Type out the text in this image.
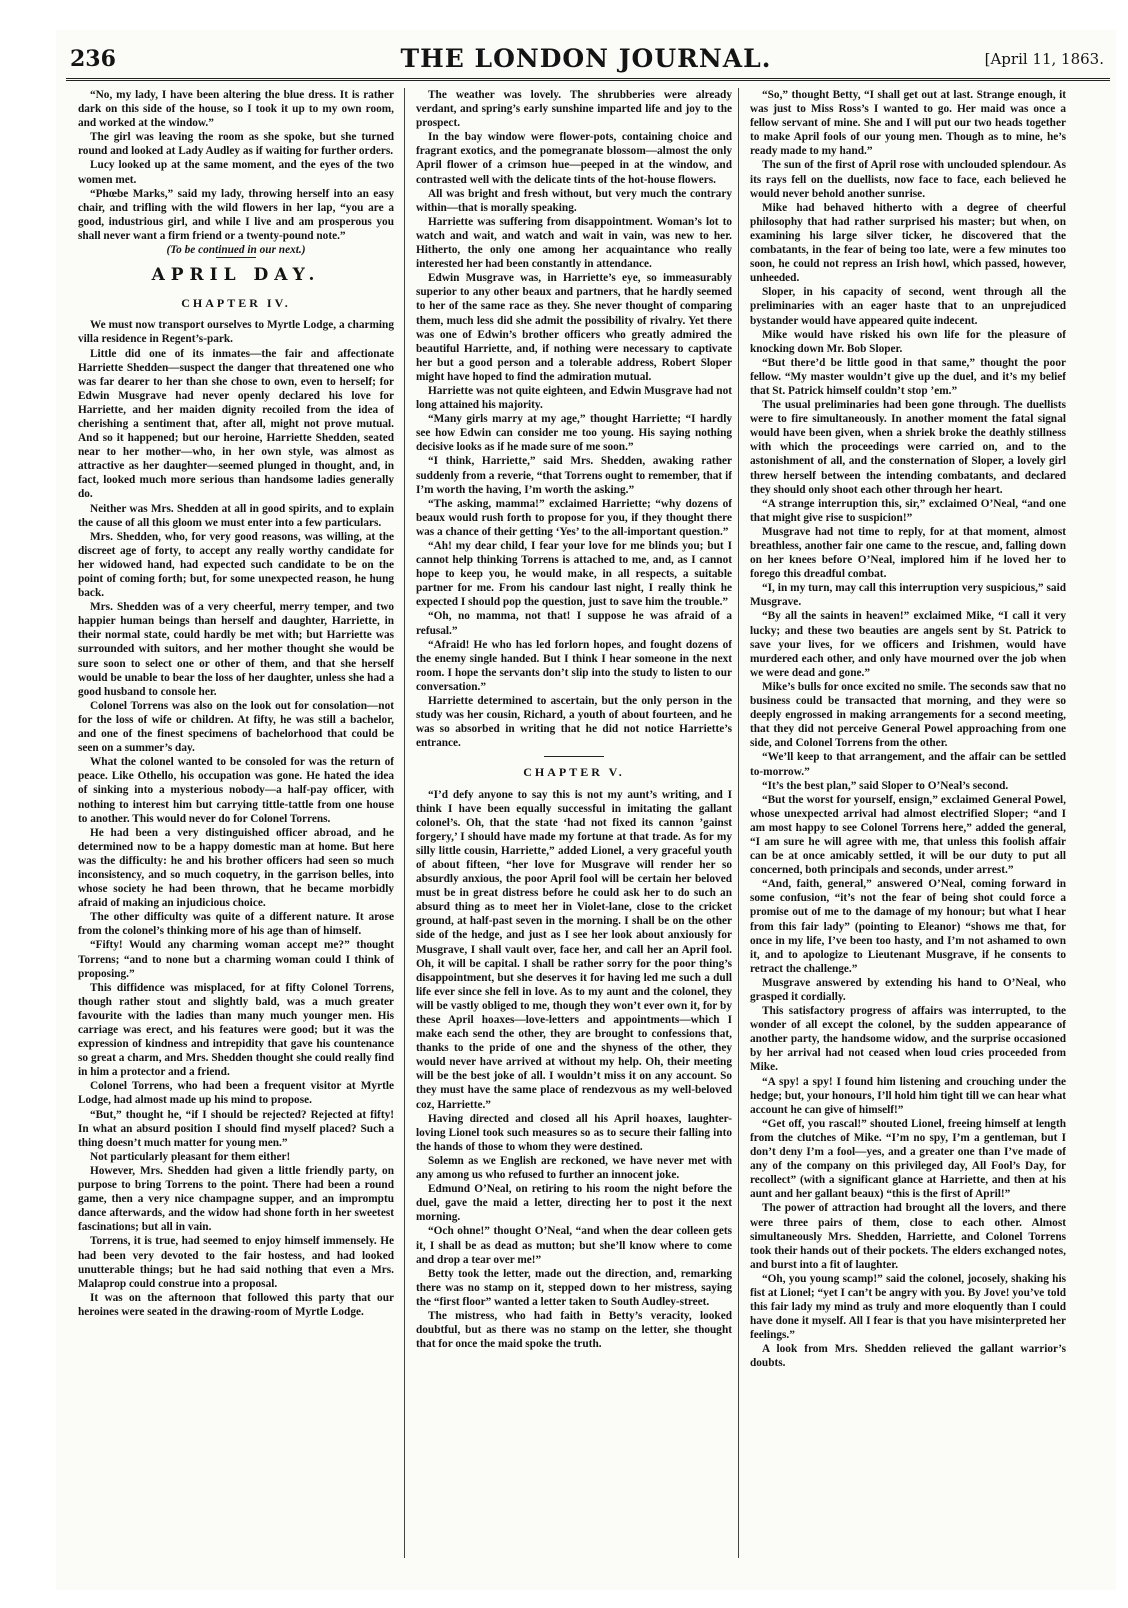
236	THE LONDON JOURNAL.	[April 11, 1863.

“No, my lady, I have been altering the blue dress. It is rather dark on this side of the house, so I took it up to my own room, and worked at the window.”

The girl was leaving the room as she spoke, but she turned round and looked at Lady Audley as if waiting for further orders.

Lucy looked up at the same moment, and the eyes of the two women met.

“Phœbe Marks,” said my lady, throwing herself into an easy chair, and trifling with the wild flowers in her lap, “you are a good, industrious girl, and while I live and am prosperous you shall never want a firm friend or a twenty-pound note.”

(To be continued in our next.)

APRIL DAY.
CHAPTER IV.

We must now transport ourselves to Myrtle Lodge, a charming villa residence in Regent’s-park.

Little did one of its inmates—the fair and affectionate Harriette Shedden—suspect the danger that threatened one who was far dearer to her than she chose to own, even to herself; for Edwin Musgrave had never openly declared his love for Harriette, and her maiden dignity recoiled from the idea of cherishing a sentiment that, after all, might not prove mutual. And so it happened; but our heroine, Harriette Shedden, seated near to her mother—who, in her own style, was almost as attractive as her daughter—seemed plunged in thought, and, in fact, looked much more serious than handsome ladies generally do.

Neither was Mrs. Shedden at all in good spirits, and to explain the cause of all this gloom we must enter into a few particulars.

Mrs. Shedden, who, for very good reasons, was willing, at the discreet age of forty, to accept any really worthy candidate for her widowed hand, had expected such candidate to be on the point of coming forth; but, for some unexpected reason, he hung back.

Mrs. Shedden was of a very cheerful, merry temper, and two happier human beings than herself and daughter, Harriette, in their normal state, could hardly be met with; but Harriette was surrounded with suitors, and her mother thought she would be sure soon to select one or other of them, and that she herself would be unable to bear the loss of her daughter, unless she had a good husband to console her.

Colonel Torrens was also on the look out for consolation—not for the loss of wife or children. At fifty, he was still a bachelor, and one of the finest specimens of bachelorhood that could be seen on a summer’s day.

What the colonel wanted to be consoled for was the return of peace. Like Othello, his occupation was gone. He hated the idea of sinking into a mysterious nobody—a half-pay officer, with nothing to interest him but carrying tittle-tattle from one house to another. This would never do for Colonel Torrens.

He had been a very distinguished officer abroad, and he determined now to be a happy domestic man at home. But here was the difficulty: he and his brother officers had seen so much inconsistency, and so much coquetry, in the garrison belles, into whose society he had been thrown, that he became morbidly afraid of making an injudicious choice.

The other difficulty was quite of a different nature. It arose from the colonel’s thinking more of his age than of himself.

“Fifty! Would any charming woman accept me?” thought Torrens; “and to none but a charming woman could I think of proposing.”

This diffidence was misplaced, for at fifty Colonel Torrens, though rather stout and slightly bald, was a much greater favourite with the ladies than many much younger men. His carriage was erect, and his features were good; but it was the expression of kindness and intrepidity that gave his countenance so great a charm, and Mrs. Shedden thought she could really find in him a protector and a friend.

Colonel Torrens, who had been a frequent visitor at Myrtle Lodge, had almost made up his mind to propose.

“But,” thought he, “if I should be rejected? Rejected at fifty! In what an absurd position I should find myself placed? Such a thing doesn’t much matter for young men.”

Not particularly pleasant for them either!

However, Mrs. Shedden had given a little friendly party, on purpose to bring Torrens to the point. There had been a round game, then a very nice champagne supper, and an impromptu dance afterwards, and the widow had shone forth in her sweetest fascinations; but all in vain.

Torrens, it is true, had seemed to enjoy himself immensely. He had been very devoted to the fair hostess, and had looked unutterable things; but he had said nothing that even a Mrs. Malaprop could construe into a proposal.

It was on the afternoon that followed this party that our heroines were seated in the drawing-room of Myrtle Lodge.

The weather was lovely. The shrubberies were already verdant, and spring’s early sunshine imparted life and joy to the prospect.

In the bay window were flower-pots, containing choice and fragrant exotics, and the pomegranate blossom—almost the only April flower of a crimson hue—peeped in at the window, and contrasted well with the delicate tints of the hot-house flowers.

All was bright and fresh without, but very much the contrary within—that is morally speaking.

Harriette was suffering from disappointment. Woman’s lot to watch and wait, and watch and wait in vain, was new to her. Hitherto, the only one among her acquaintance who really interested her had been constantly in attendance.

Edwin Musgrave was, in Harriette’s eye, so immeasurably superior to any other beaux and partners, that he hardly seemed to her of the same race as they. She never thought of comparing them, much less did she admit the possibility of rivalry. Yet there was one of Edwin’s brother officers who greatly admired the beautiful Harriette, and, if nothing were necessary to captivate her but a good person and a tolerable address, Robert Sloper might have hoped to find the admiration mutual.

Harriette was not quite eighteen, and Edwin Musgrave had not long attained his majority.

“Many girls marry at my age,” thought Harriette; “I hardly see how Edwin can consider me too young. His saying nothing decisive looks as if he made sure of me soon.”

“I think, Harriette,” said Mrs. Shedden, awaking rather suddenly from a reverie, “that Torrens ought to remember, that if I’m worth the having, I’m worth the asking.”

“The asking, mamma!” exclaimed Harriette; “why dozens of beaux would rush forth to propose for you, if they thought there was a chance of their getting ‘Yes’ to the all-important question.”

“Ah! my dear child, I fear your love for me blinds you; but I cannot help thinking Torrens is attached to me, and, as I cannot hope to keep you, he would make, in all respects, a suitable partner for me. From his candour last night, I really think he expected I should pop the question, just to save him the trouble.”

“Oh, no mamma, not that! I suppose he was afraid of a refusal.”

“Afraid! He who has led forlorn hopes, and fought dozens of the enemy single handed. But I think I hear someone in the next room. I hope the servants don’t slip into the study to listen to our conversation.”

Harriette determined to ascertain, but the only person in the study was her cousin, Richard, a youth of about fourteen, and he was so absorbed in writing that he did not notice Harriette’s entrance.

CHAPTER V.

“I’d defy anyone to say this is not my aunt’s writing, and I think I have been equally successful in imitating the gallant colonel’s. Oh, that the state ‘had not fixed its cannon ’gainst forgery,’ I should have made my fortune at that trade. As for my silly little cousin, Harriette,” added Lionel, a very graceful youth of about fifteen, “her love for Musgrave will render her so absurdly anxious, the poor April fool will be certain her beloved must be in great distress before he could ask her to do such an absurd thing as to meet her in Violet-lane, close to the cricket ground, at half-past seven in the morning. I shall be on the other side of the hedge, and just as I see her look about anxiously for Musgrave, I shall vault over, face her, and call her an April fool. Oh, it will be capital. I shall be rather sorry for the poor thing’s disappointment, but she deserves it for having led me such a dull life ever since she fell in love. As to my aunt and the colonel, they will be vastly obliged to me, though they won’t ever own it, for by these April hoaxes—love-letters and appointments—which I make each send the other, they are brought to confessions that, thanks to the pride of one and the shyness of the other, they would never have arrived at without my help. Oh, their meeting will be the best joke of all. I wouldn’t miss it on any account. So they must have the same place of rendezvous as my well-beloved coz, Harriette.”

Having directed and closed all his April hoaxes, laughter-loving Lionel took such measures so as to secure their falling into the hands of those to whom they were destined.

Solemn as we English are reckoned, we have never met with any among us who refused to further an innocent joke.

Edmund O’Neal, on retiring to his room the night before the duel, gave the maid a letter, directing her to post it the next morning.

“Och ohne!” thought O’Neal, “and when the dear colleen gets it, I shall be as dead as mutton; but she’ll know where to come and drop a tear over me!”

Betty took the letter, made out the direction, and, remarking there was no stamp on it, stepped down to her mistress, saying the “first floor” wanted a letter taken to South Audley-street.

The mistress, who had faith in Betty’s veracity, looked doubtful, but as there was no stamp on the letter, she thought that for once the maid spoke the truth.

“So,” thought Betty, “I shall get out at last. Strange enough, it was just to Miss Ross’s I wanted to go. Her maid was once a fellow servant of mine. She and I will put our two heads together to make April fools of our young men. Though as to mine, he’s ready made to my hand.”

The sun of the first of April rose with unclouded splendour. As its rays fell on the duellists, now face to face, each believed he would never behold another sunrise.

Mike had behaved hitherto with a degree of cheerful philosophy that had rather surprised his master; but when, on examining his large silver ticker, he discovered that the combatants, in the fear of being too late, were a few minutes too soon, he could not repress an Irish howl, which passed, however, unheeded.

Sloper, in his capacity of second, went through all the preliminaries with an eager haste that to an unprejudiced bystander would have appeared quite indecent.

Mike would have risked his own life for the pleasure of knocking down Mr. Bob Sloper.

“But there’d be little good in that same,” thought the poor fellow. “My master wouldn’t give up the duel, and it’s my belief that St. Patrick himself couldn’t stop ’em.”

The usual preliminaries had been gone through. The duellists were to fire simultaneously. In another moment the fatal signal would have been given, when a shriek broke the deathly stillness with which the proceedings were carried on, and to the astonishment of all, and the consternation of Sloper, a lovely girl threw herself between the intending combatants, and declared they should only shoot each other through her heart.

“A strange interruption this, sir,” exclaimed O’Neal, “and one that might give rise to suspicion!”

Musgrave had not time to reply, for at that moment, almost breathless, another fair one came to the rescue, and, falling down on her knees before O’Neal, implored him if he loved her to forego this dreadful combat.

“I, in my turn, may call this interruption very suspicious,” said Musgrave.

“By all the saints in heaven!” exclaimed Mike, “I call it very lucky; and these two beauties are angels sent by St. Patrick to save your lives, for we officers and Irishmen, would have murdered each other, and only have mourned over the job when we were dead and gone.”

Mike’s bulls for once excited no smile. The seconds saw that no business could be transacted that morning, and they were so deeply engrossed in making arrangements for a second meeting, that they did not perceive General Powel approaching from one side, and Colonel Torrens from the other.

“We’ll keep to that arrangement, and the affair can be settled to-morrow.”

“It’s the best plan,” said Sloper to O’Neal’s second.

“But the worst for yourself, ensign,” exclaimed General Powel, whose unexpected arrival had almost electrified Sloper; “and I am most happy to see Colonel Torrens here,” added the general, “I am sure he will agree with me, that unless this foolish affair can be at once amicably settled, it will be our duty to put all concerned, both principals and seconds, under arrest.”

“And, faith, general,” answered O’Neal, coming forward in some confusion, “it’s not the fear of being shot could force a promise out of me to the damage of my honour; but what I hear from this fair lady” (pointing to Eleanor) “shows me that, for once in my life, I’ve been too hasty, and I’m not ashamed to own it, and to apologize to Lieutenant Musgrave, if he consents to retract the challenge.”

Musgrave answered by extending his hand to O’Neal, who grasped it cordially.

This satisfactory progress of affairs was interrupted, to the wonder of all except the colonel, by the sudden appearance of another party, the handsome widow, and the surprise occasioned by her arrival had not ceased when loud cries proceeded from Mike.

“A spy! a spy! I found him listening and crouching under the hedge; but, your honours, I’ll hold him tight till we can hear what account he can give of himself!”

“Get off, you rascal!” shouted Lionel, freeing himself at length from the clutches of Mike. “I’m no spy, I’m a gentleman, but I don’t deny I’m a fool—yes, and a greater one than I’ve made of any of the company on this privileged day, All Fool’s Day, for recollect” (with a significant glance at Harriette, and then at his aunt and her gallant beaux) “this is the first of April!”

The power of attraction had brought all the lovers, and there were three pairs of them, close to each other. Almost simultaneously Mrs. Shedden, Harriette, and Colonel Torrens took their hands out of their pockets. The elders exchanged notes, and burst into a fit of laughter.

“Oh, you young scamp!” said the colonel, jocosely, shaking his fist at Lionel; “yet I can’t be angry with you. By Jove! you’ve told this fair lady my mind as truly and more eloquently than I could have done it myself. All I fear is that you have misinterpreted her feelings.”

A look from Mrs. Shedden relieved the gallant warrior’s doubts.
